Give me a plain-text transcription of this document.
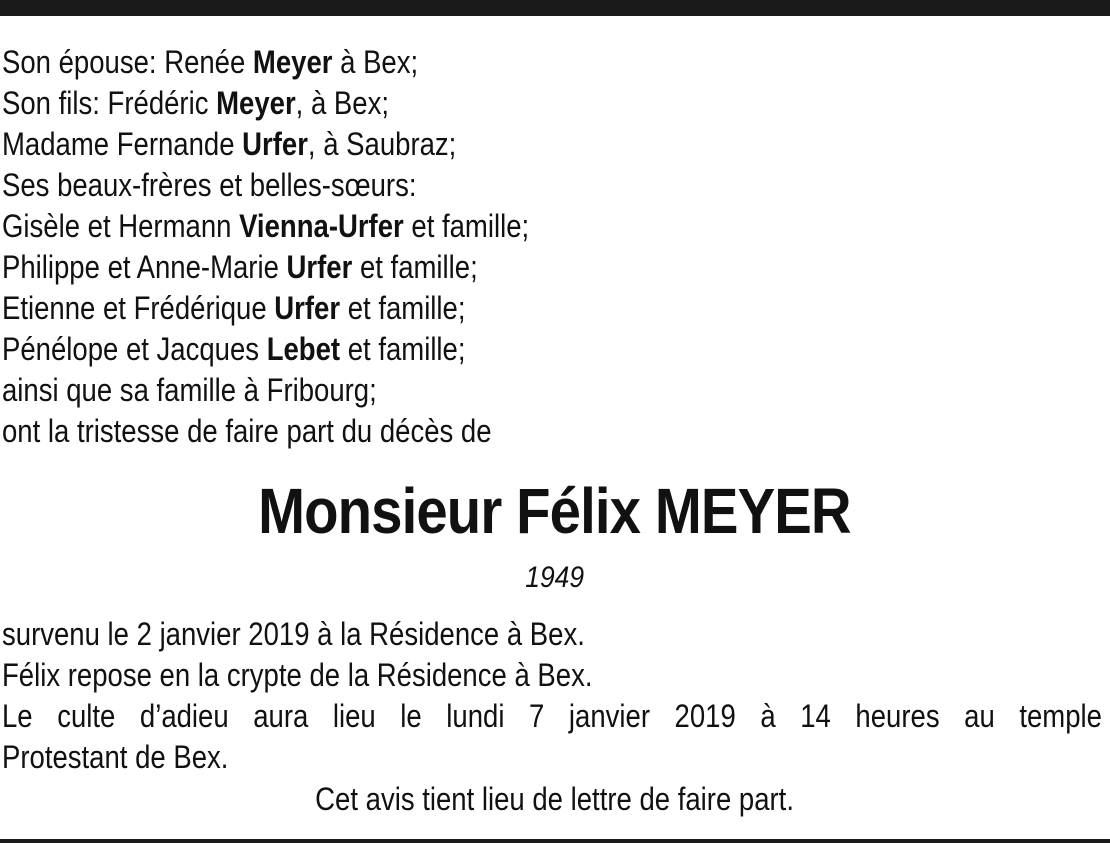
Son épouse: Renée Meyer à Bex;
Son fils: Frédéric Meyer, à Bex;
Madame Fernande Urfer, à Saubraz;
Ses beaux-frères et belles-sœurs:
Gisèle et Hermann Vienna-Urfer et famille;
Philippe et Anne-Marie Urfer et famille;
Etienne et Frédérique Urfer et famille;
Pénélope et Jacques Lebet et famille;
ainsi que sa famille à Fribourg;
ont la tristesse de faire part du décès de
Monsieur Félix MEYER
1949

survenu le 2 janvier 2019 à la Résidence à Bex.

Félix repose en la crypte de la Résidence à Bex.

Le culte d’adieu aura lieu le lundi 7 janvier 2019 à 14 heures au temple

Protestant de Bex.

Cet avis tient lieu de lettre de faire part.
